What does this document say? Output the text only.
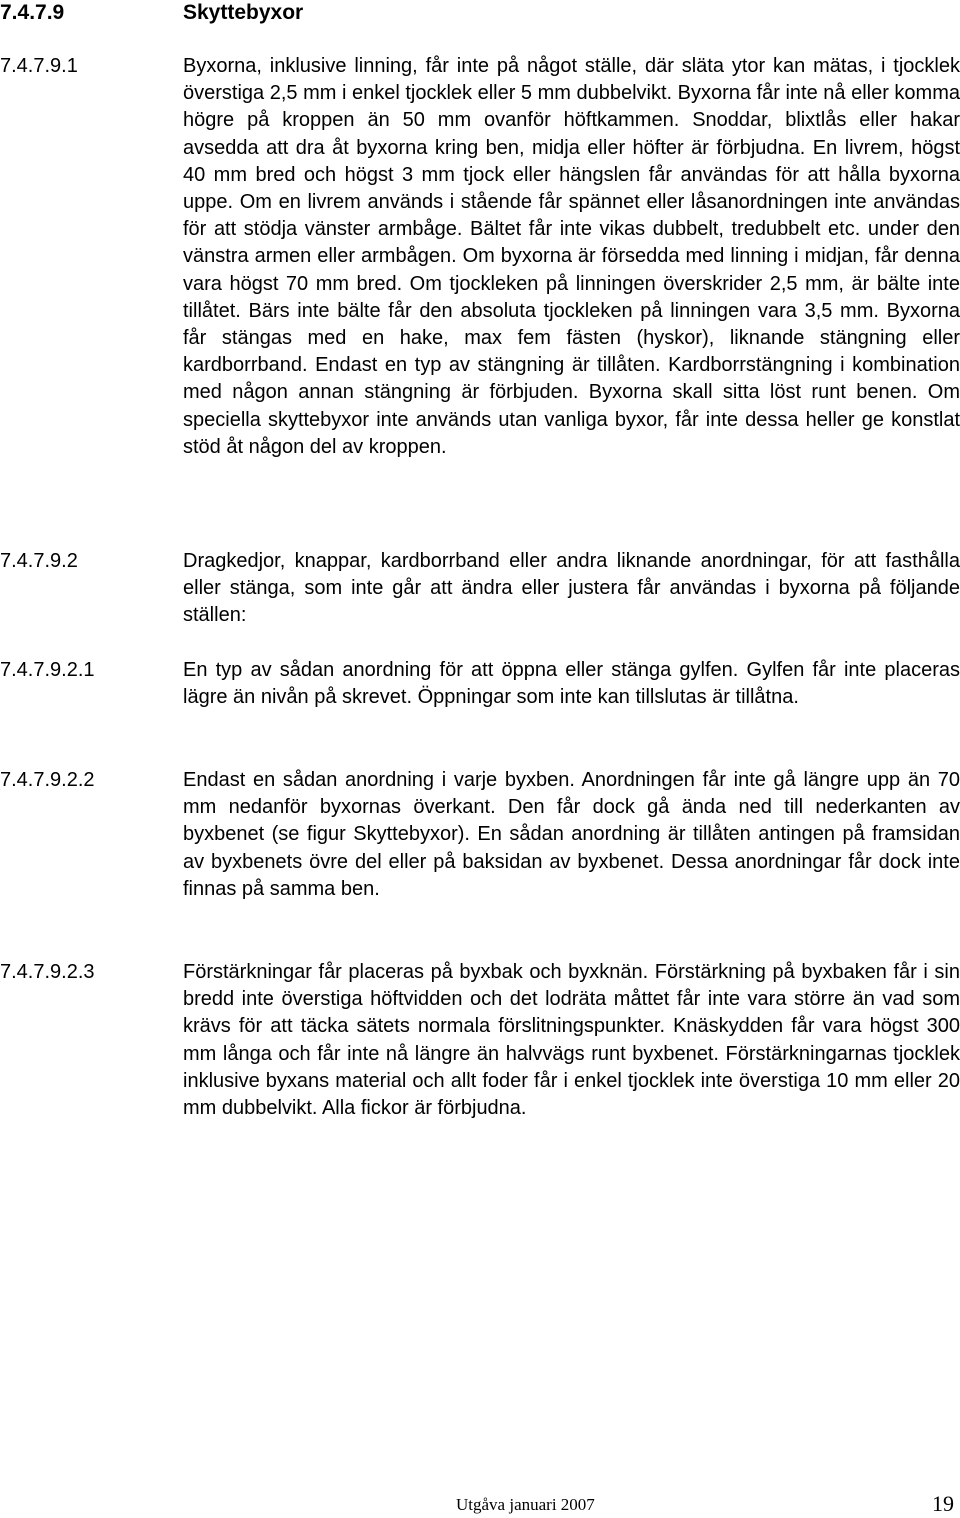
7.4.7.9	Skyttebyxor
7.4.7.9.1	Byxorna, inklusive linning, får inte på något ställe, där släta ytor kan mätas, i tjocklek överstiga 2,5 mm i enkel tjocklek eller 5 mm dubbelvikt. Byxorna får inte nå eller komma högre på kroppen än 50 mm ovanför höftkammen. Snoddar, blixtlås eller hakar avsedda att dra åt byxorna kring ben, midja eller höfter är förbjudna. En livrem, högst 40 mm bred och högst 3 mm tjock eller hängslen får användas för att hålla byxorna uppe. Om en livrem används i stående får spännet eller låsanordningen inte användas för att stödja vänster armbåge. Bältet får inte vikas dubbelt, tredubbelt etc. under den vänstra armen eller armbågen. Om byxorna är försedda med linning i midjan, får denna vara högst 70 mm bred. Om tjockleken på linningen överskrider 2,5 mm, är bälte inte tillåtet. Bärs inte bälte får den absoluta tjockleken på linningen vara 3,5 mm. Byxorna får stängas med en hake, max fem fästen (hyskor), liknande stängning eller kardborrband. Endast en typ av stängning är tillåten. Kardborrstängning i kombination med någon annan stängning är förbjuden. Byxorna skall sitta löst runt benen. Om speciella skyttebyxor inte används utan vanliga byxor, får inte dessa heller ge konstlat stöd åt någon del av kroppen.
7.4.7.9.2	Dragkedjor, knappar, kardborrband eller andra liknande anordningar, för att fasthålla eller stänga, som inte går att ändra eller justera får användas i byxorna på följande ställen:
7.4.7.9.2.1	En typ av sådan anordning för att öppna eller stänga gylfen. Gylfen får inte placeras lägre än nivån på skrevet. Öppningar som inte kan tillslutas är tillåtna.
7.4.7.9.2.2	Endast en sådan anordning i varje byxben. Anordningen får inte gå längre upp än 70 mm nedanför byxornas överkant. Den får dock gå ända ned till nederkanten av byxbenet (se figur Skyttebyxor). En sådan anordning är tillåten antingen på framsidan av byxbenets övre del eller på baksidan av byxbenet. Dessa anordningar får dock inte finnas på samma ben.
7.4.7.9.2.3	Förstärkningar får placeras på byxbak och byxknän. Förstärkning på byxbaken får i sin bredd inte överstiga höftvidden och det lodräta måttet får inte vara större än vad som krävs för att täcka sätets normala förslitningspunkter. Knäskydden får vara högst 300 mm långa och får inte nå längre än halvvägs runt byxbenet. Förstärkningarnas tjocklek inklusive byxans material och allt foder får i enkel tjocklek inte överstiga 10 mm eller 20 mm dubbelvikt. Alla fickor är förbjudna.
Utgåva januari 2007	19
